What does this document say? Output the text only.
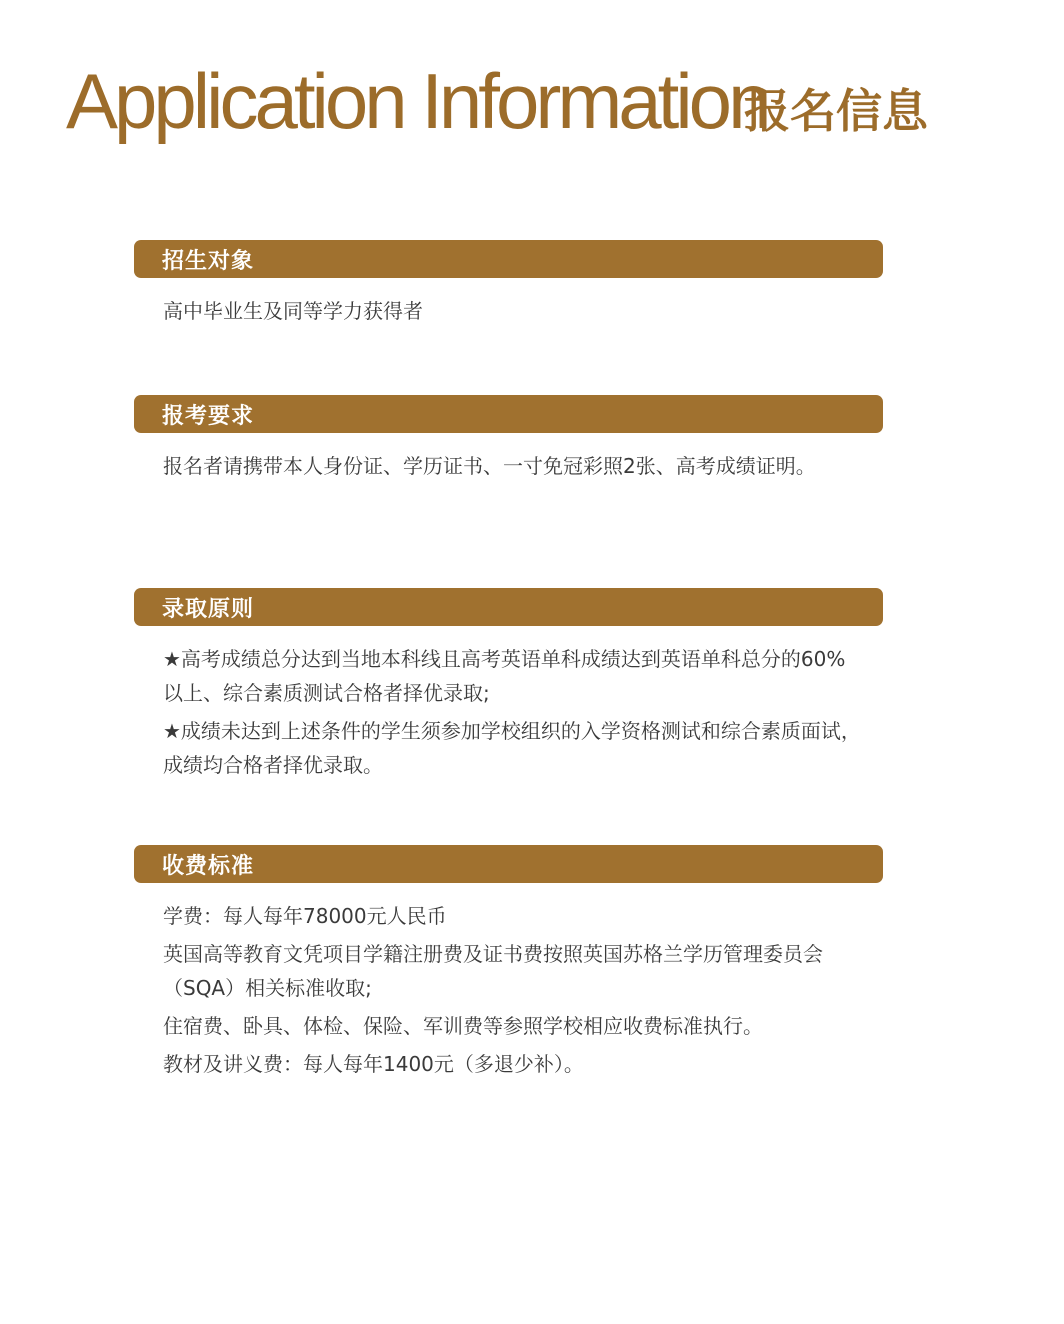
Application Information
报名信息
招生对象

高中毕业生及同等学力获得者

报考要求

报名者请携带本人身份证、学历证书、一寸免冠彩照2张、高考成绩证明。

录取原则

★高考成绩总分达到当地本科线且高考英语单科成绩达到英语单科总分的60%以上、综合素质测试合格者择优录取;

★成绩未达到上述条件的学生须参加学校组织的入学资格测试和综合素质面试，成绩均合格者择优录取。

收费标准

学费：每人每年78000元人民币

英国高等教育文凭项目学籍注册费及证书费按照英国苏格兰学历管理委员会（SQA）相关标准收取;

住宿费、卧具、体检、保险、军训费等参照学校相应收费标准执行。

教材及讲义费：每人每年1400元（多退少补）。
